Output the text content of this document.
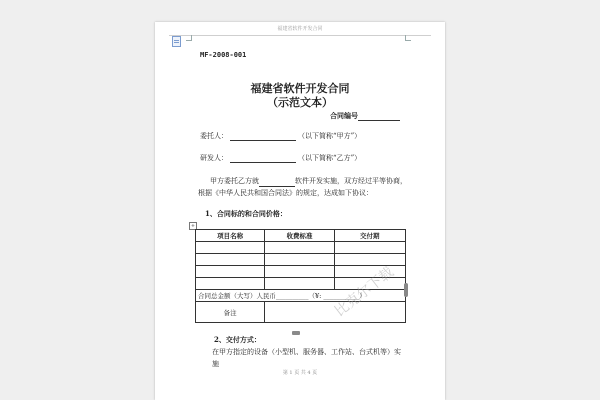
福建省软件开发合同
MF-2008-001
福建省软件开发合同
（示范文本）
合同编号
委托人：	（以下简称“甲方”）
研发人：	（以下简称“乙方”）
甲方委托乙方就	软件开发实施，双方经过平等协商，根据《中华人民共和国合同法》的规定，达成如下协议：
1、合同标的和合同价格：
+
项目名称	收费标准	交付期

合同总金额（大写）人民币__________（¥: ___________）		
备注		
2、交付方式：
在甲方指定的设备（小型机、服务器、工作站、台式机等）实施
第 1 页 共 4 页
比克尔下载
